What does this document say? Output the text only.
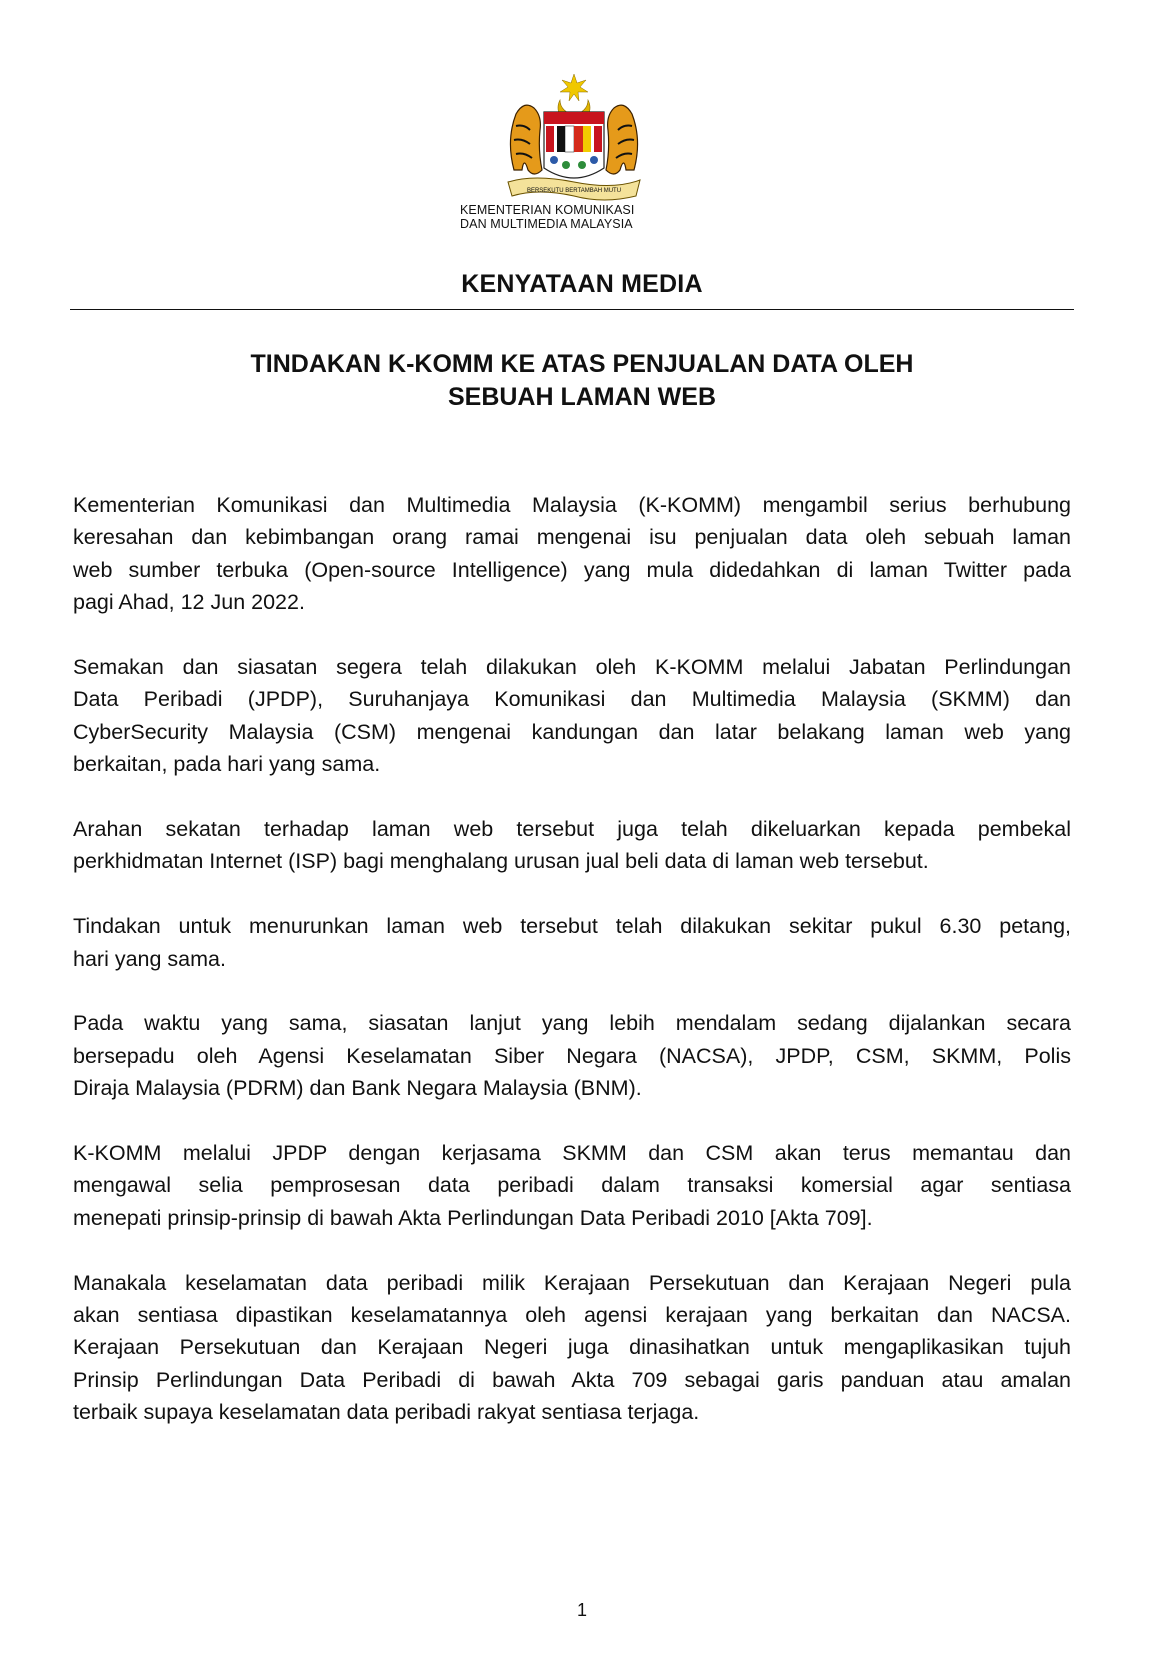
BERSEKUTU BERTAMBAH MUTU
KEMENTERIAN KOMUNIKASI
DAN MULTIMEDIA MALAYSIA
KENYATAAN MEDIA
TINDAKAN K-KOMM KE ATAS PENJUALAN DATA OLEH
SEBUAH LAMAN WEB
Kementerian Komunikasi dan Multimedia Malaysia (K-KOMM) mengambil serius berhubung
keresahan dan kebimbangan orang ramai mengenai isu penjualan data oleh sebuah laman
web sumber terbuka (Open-source Intelligence) yang mula didedahkan di laman Twitter pada
pagi Ahad, 12 Jun 2022.
Semakan dan siasatan segera telah dilakukan oleh K-KOMM melalui Jabatan Perlindungan
Data Peribadi (JPDP), Suruhanjaya Komunikasi dan Multimedia Malaysia (SKMM) dan
CyberSecurity Malaysia (CSM) mengenai kandungan dan latar belakang laman web yang
berkaitan, pada hari yang sama.
Arahan sekatan terhadap laman web tersebut juga telah dikeluarkan kepada pembekal
perkhidmatan Internet (ISP) bagi menghalang urusan jual beli data di laman web tersebut.
Tindakan untuk menurunkan laman web tersebut telah dilakukan sekitar pukul 6.30 petang,
hari yang sama.
Pada waktu yang sama, siasatan lanjut yang lebih mendalam sedang dijalankan secara
bersepadu oleh Agensi Keselamatan Siber Negara (NACSA), JPDP, CSM, SKMM, Polis
Diraja Malaysia (PDRM) dan Bank Negara Malaysia (BNM).
K-KOMM melalui JPDP dengan kerjasama SKMM dan CSM akan terus memantau dan
mengawal selia pemprosesan data peribadi dalam transaksi komersial agar sentiasa
menepati prinsip-prinsip di bawah Akta Perlindungan Data Peribadi 2010 [Akta 709].
Manakala keselamatan data peribadi milik Kerajaan Persekutuan dan Kerajaan Negeri pula
akan sentiasa dipastikan keselamatannya oleh agensi kerajaan yang berkaitan dan NACSA.
Kerajaan Persekutuan dan Kerajaan Negeri juga dinasihatkan untuk mengaplikasikan tujuh
Prinsip Perlindungan Data Peribadi di bawah Akta 709 sebagai garis panduan atau amalan
terbaik supaya keselamatan data peribadi rakyat sentiasa terjaga.
1
